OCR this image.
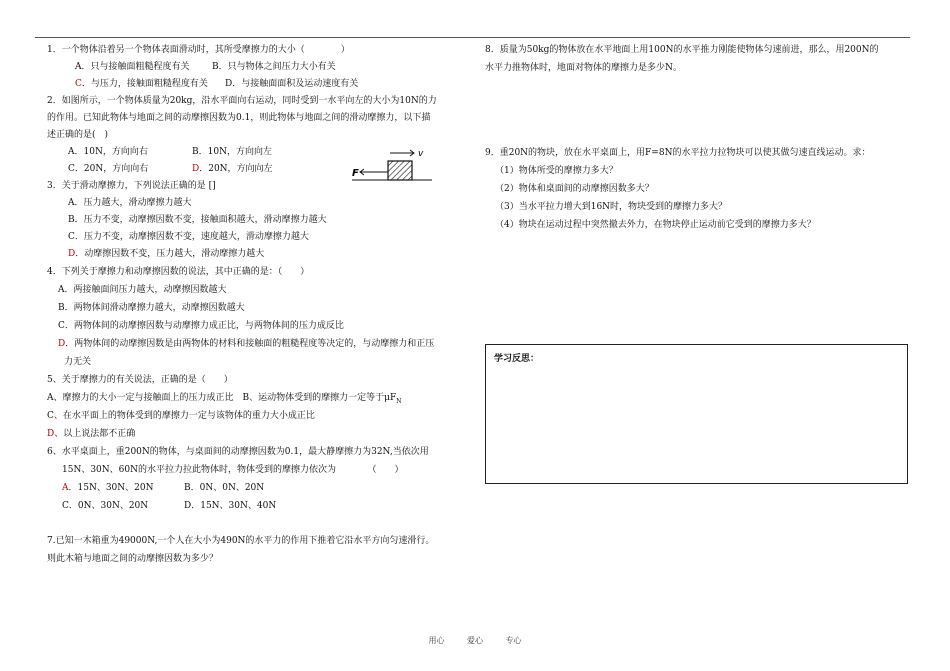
1．一个物体沿着另一个物体表面滑动时，其所受摩擦力的大小（　　　　）
A．只与接触面粗糙程度有关 B．只与物体之间压力大小有关
C．与压力，接触面粗糙程度有关 D．与接触面面积及运动速度有关
2．如图所示，一个物体质量为20kg，沿水平面向右运动，同时受到一水平向左的大小为10N的力
的作用。已知此物体与地面之间的动摩擦因数为0.1，则此物体与地面之间的滑动摩擦力，以下描
述正确的是(　)
A．10N，方向向右	B．10N，方向向左
C．20N，方向向右	D．20N，方向向左	F
v
3．关于滑动摩擦力，下列说法正确的是 []
A．压力越大，滑动摩擦力越大
B．压力不变，动摩擦因数不变，接触面积越大，滑动摩擦力越大
C．压力不变，动摩擦因数不变，速度越大，滑动摩擦力越大
D．动摩擦因数不变，压力越大，滑动摩擦力越大
4．下列关于摩擦力和动摩擦因数的说法，其中正确的是：（　　）
A．两接触面间压力越大，动摩擦因数越大
B．两物体间滑动摩擦力越大，动摩擦因数越大
C．两物体间的动摩擦因数与动摩擦力成正比，与两物体间的压力成反比
D．两物体间的动摩擦因数是由两物体的材料和接触面的粗糙程度等决定的，与动摩擦力和正压
力无关
5、关于摩擦力的有关说法，正确的是（　　）
A、摩擦力的大小一定与接触面上的压力成正比　B、运动物体受到的摩擦力一定等于$\mu F_N$
C、在水平面上的物体受到的摩擦力一定与该物体的重力大小成正比
D、以上说法都不正确
6、水平桌面上，重200N的物体，与桌面间的动摩擦因数为0.1，最大静摩擦力为32N,当依次用
15N、30N、60N的水平拉力拉此物体时，物体受到的摩擦力依次为　　　　（　　）
A．15N、30N、20N	B．0N、0N、20N
C．0N、30N、20N	D．15N、30N、40N
7.已知一木箱重为49000N,一个人在大小为490N的水平力的作用下推着它沿水平方向匀速滑行。
则此木箱与地面之间的动摩擦因数为多少？
8．质量为50kg的物体放在水平地面上用100N的水平推力刚能使物体匀速前进，那么，用200N的
水平力推物体时，地面对物体的摩擦力是多少N。
9．重20N的物块，放在水平桌面上，用F=8N的水平拉力拉物块可以使其做匀速直线运动。求：
（1）物体所受的摩擦力多大？
（2）物体和桌面间的动摩擦因数多大？
（3）当水平拉力增大到16N时，物块受到的摩擦力多大？
（4）物块在运动过程中突然撤去外力，在物块停止运动前它受到的摩擦力多大？
学习反思：
用心	爱心	专心
